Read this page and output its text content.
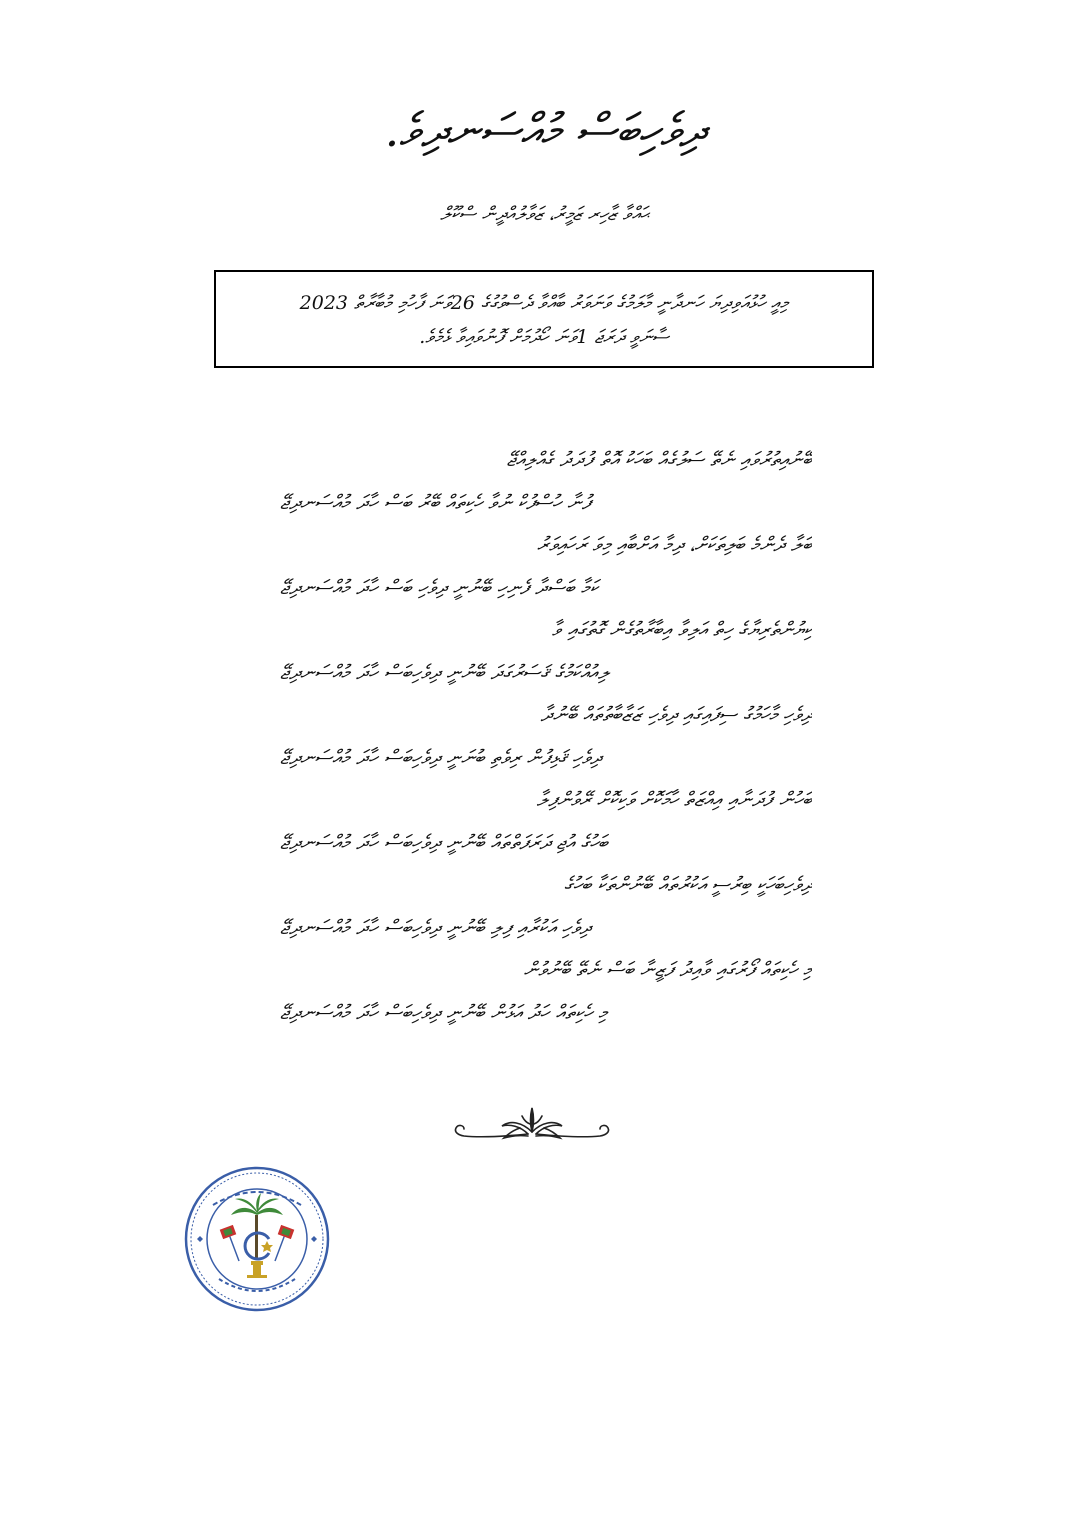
ދިވެހިބަސް މުއްސަނދިވެ.
ޙައްވާ ޒާހިރ ޒަމީރު، ޒަވާލުއްދީން ސްކޫލް
މިއީ ހުޅުއަވިދިޔަ ހަނދާނީ މާލަމުގެ ވަނަވަރު ބާއްވާ ދެސްވުގުގެ 26ވަނަ ފާހުމި މުބާރާތް 2023
ސާނަވީ ދަރަޖަ 1ވަނަ ހޯދުމަށް ފޮނުވައިވާ ޅެމެވެ.
ބޭނުއިތުރުވައި ނެތޭ ސަލުގެއް ބަހަކު އޮތް ފުދަދު ގެއްލިއްޖޭ
ފުނާ ހުސްފުކް ނުވާ ހެކިތައް ބޭރު ބަސް ހާދަ މުއްސަނދިޖޭ
ބަލާ ދެންމެ ބަލިތަކަށް، ދިމާ އަށްބާއި މިވަ ރަހައިވަރު
ކަމާ ބަސްދާ ފެނިހި ބޭނުނީ ދިވެހި ބަސް ހާދަ މުއްސަނދިޖޭ
ކިޔުންތެރިޔާގެ ހިތް އަލިވާ އިބާރާތުގެން ގޮތުގައި ވާ
ލިއުއްކަމުގެ ޤަސަރުގަދަ ބޭނުނީ ދިވެހިބަސް ހާދަ މުއްސަނދިޖޭ
ދިވެހި މާހަމުގު ސިފައިގައި ދިވެހި ޒަޒާބާތުތައް ބޭނުދާ
ދިވެހި ޤަޅިފުން ރިވެތި ބުނަނީ ދިވެހިބަސް ހާދަ މުއްސަނދިޖޭ
ބަހުން ފުދަނާއި އިއްޒަތް ހާމަކޮށް ވަކިކޮށް ރޭވުންފިލާ
ބަހުގެ އުޖި ދަރަފަތްތައް ބޭނުނީ ދިވެހިބަސް ހާދަ މުއްސަނދިޖޭ
ދިވެހިބަހަކީ ބިރުސީ އަކުރުތައް ބޭނުންތަކާ ބަހުގެ
ދިވެހި އަކުރާއި ފިލި ބޭނުނީ ދިވެހިބަސް ހާދަ މުއްސަނދިޖޭ
މި ހެކިތައް ފޯރުގައި ވާއިދު ފަޒީނާ ބަސް ނެތޭ ބޭނުވުން
މި ހެކިތައް ހަދު އަޅުން ބޭނުނީ ދިވެހިބަސް ހާދަ މުއްސަނދިޖޭ
